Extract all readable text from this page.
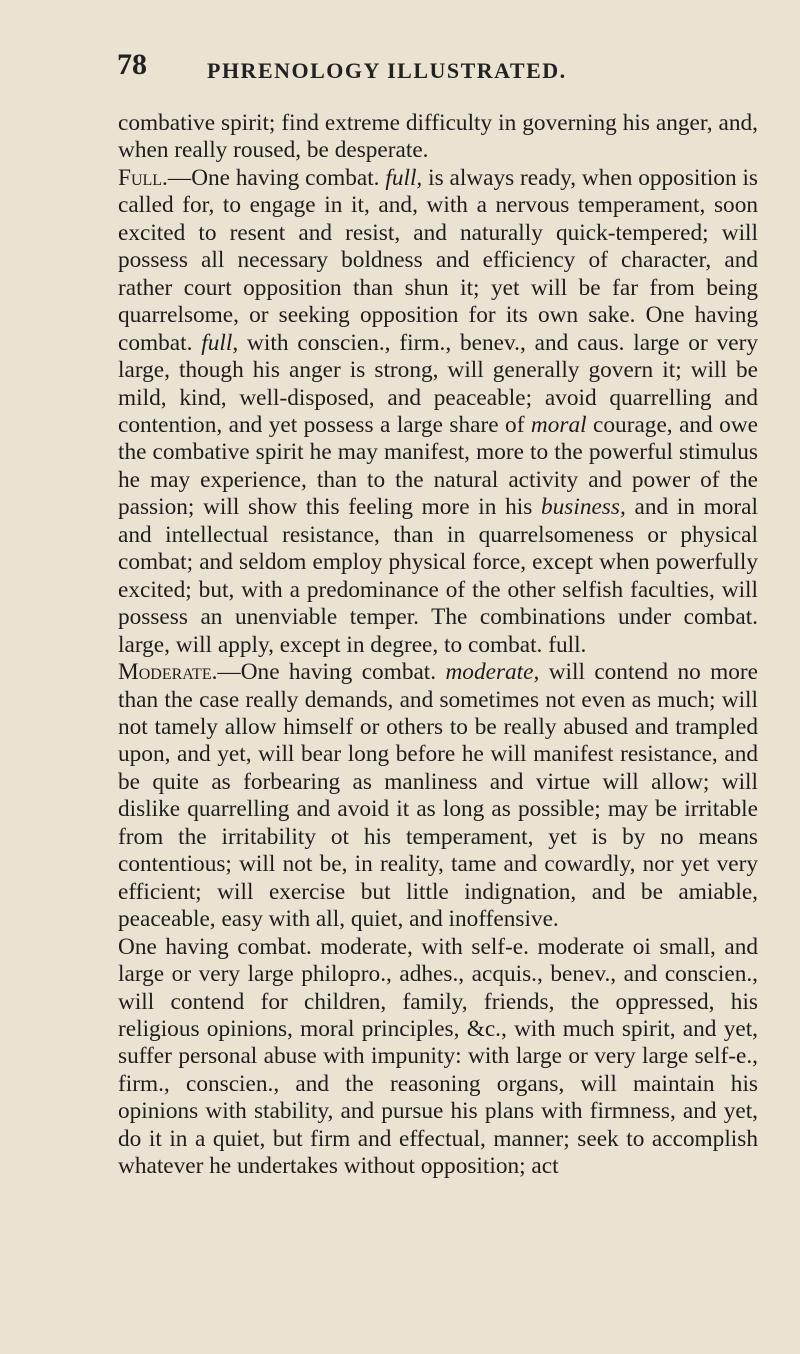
78	PHRENOLOGY ILLUSTRATED.

combative spirit; find extreme difficulty in governing his anger, and, when really roused, be desperate.

Full.—One having combat. full, is always ready, when opposition is called for, to engage in it, and, with a nervous temperament, soon excited to resent and resist, and naturally quick-tempered; will possess all necessary boldness and efficiency of character, and rather court opposition than shun it; yet will be far from being quarrelsome, or seeking opposition for its own sake. One having combat. full, with conscien., firm., benev., and caus. large or very large, though his anger is strong, will generally govern it; will be mild, kind, well-disposed, and peaceable; avoid quarrelling and contention, and yet possess a large share of moral courage, and owe the combative spirit he may manifest, more to the powerful stimulus he may experience, than to the natural activity and power of the passion; will show this feeling more in his business, and in moral and intellectual resistance, than in quarrelsomeness or physical combat; and seldom employ physical force, except when powerfully excited; but, with a predominance of the other selfish faculties, will possess an unenviable temper. The combinations under combat. large, will apply, except in degree, to combat. full.

Moderate.—One having combat. moderate, will contend no more than the case really demands, and sometimes not even as much; will not tamely allow himself or others to be really abused and trampled upon, and yet, will bear long before he will manifest resistance, and be quite as forbearing as manliness and virtue will allow; will dislike quarrelling and avoid it as long as possible; may be irritable from the irritability ot his temperament, yet is by no means contentious; will not be, in reality, tame and cowardly, nor yet very efficient; will exercise but little indignation, and be amiable, peaceable, easy with all, quiet, and inoffensive.

One having combat. moderate, with self-e. moderate oi small, and large or very large philopro., adhes., acquis., benev., and conscien., will contend for children, family, friends, the oppressed, his religious opinions, moral principles, &c., with much spirit, and yet, suffer personal abuse with impunity: with large or very large self-e., firm., conscien., and the reasoning organs, will maintain his opinions with stability, and pursue his plans with firmness, and yet, do it in a quiet, but firm and effectual, manner; seek to accomplish whatever he undertakes without opposition; act
